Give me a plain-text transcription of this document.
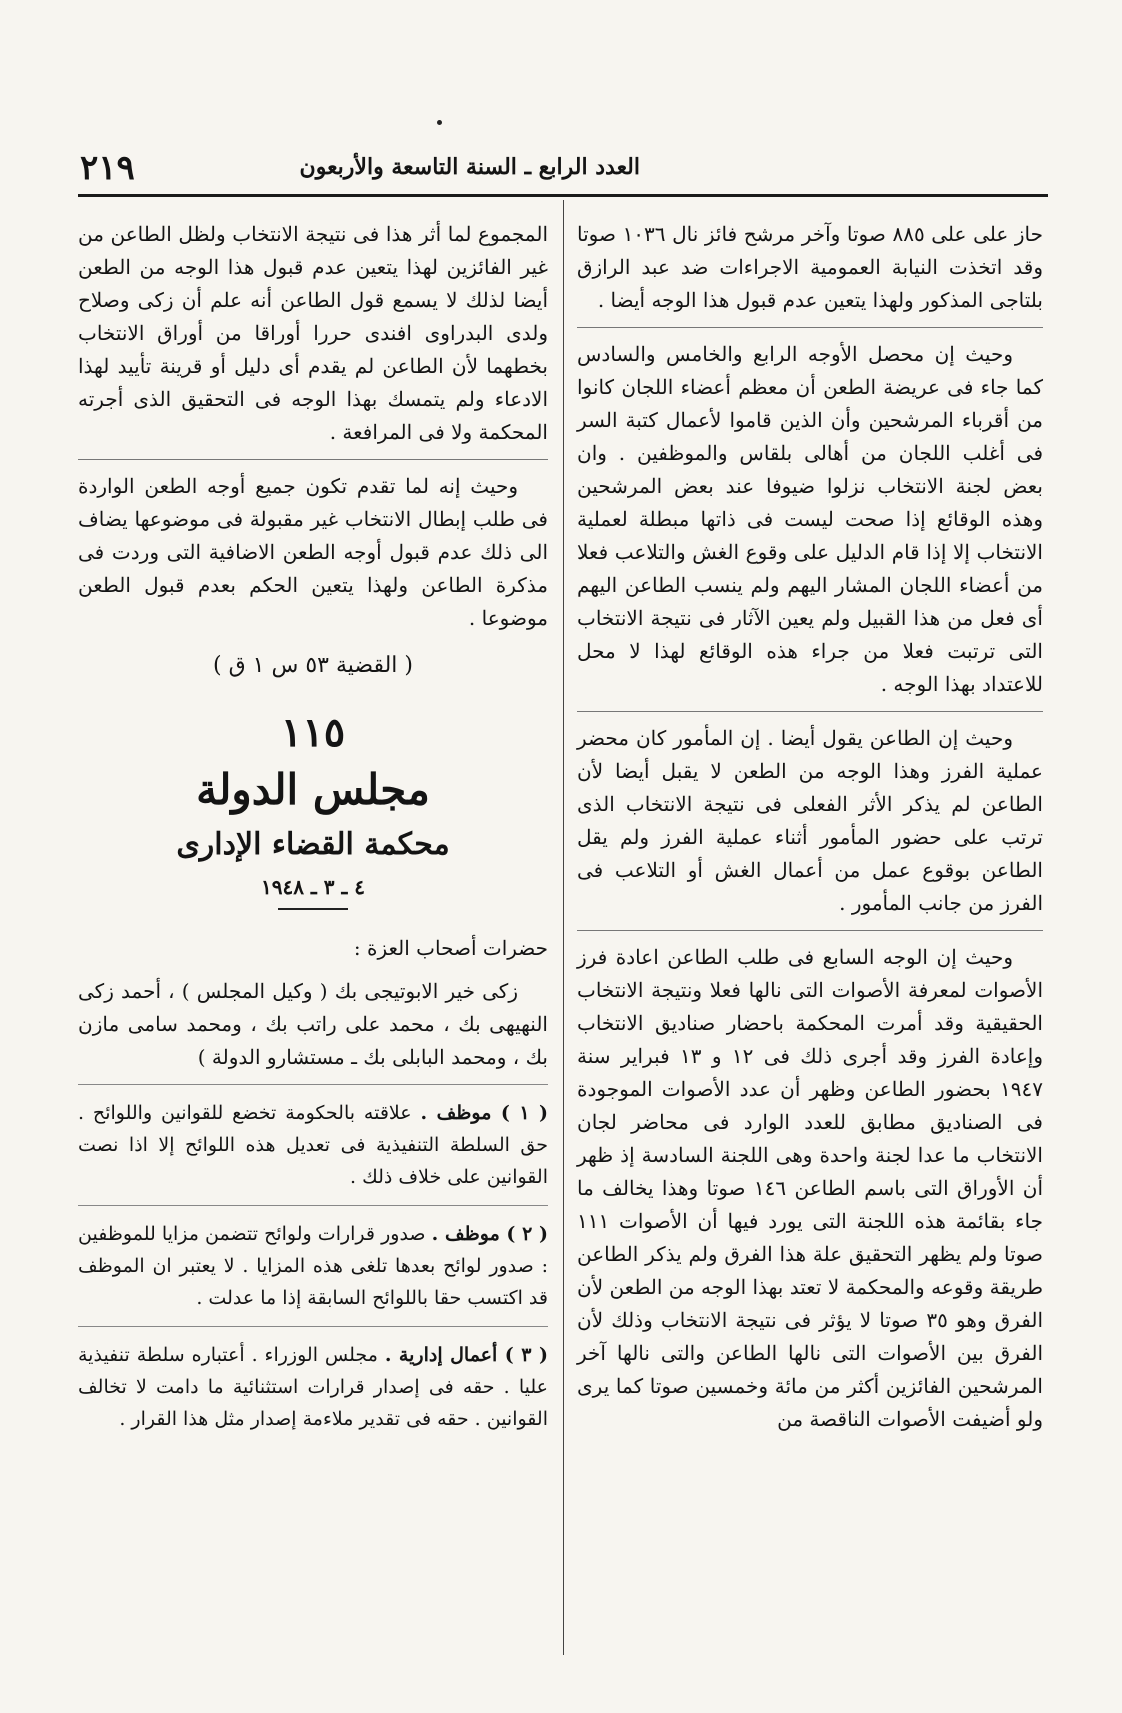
العدد الرابع ـ السنة التاسعة والأربعون
٢١٩

حاز على على ٨٨٥ صوتا وآخر مرشح فائز نال ١٠٣٦ صوتا وقد اتخذت النيابة العمومية الاجراءات ضد عبد الرازق بلتاجى المذكور ولهذا يتعين عدم قبول هذا الوجه أيضا .

وحيث إن محصل الأوجه الرابع والخامس والسادس كما جاء فى عريضة الطعن أن معظم أعضاء اللجان كانوا من أقرباء المرشحين وأن الذين قاموا لأعمال كتبة السر فى أغلب اللجان من أهالى بلقاس والموظفين . وان بعض لجنة الانتخاب نزلوا ضيوفا عند بعض المرشحين وهذه الوقائع إذا صحت ليست فى ذاتها مبطلة لعملية الانتخاب إلا إذا قام الدليل على وقوع الغش والتلاعب فعلا من أعضاء اللجان المشار اليهم ولم ينسب الطاعن اليهم أى فعل من هذا القبيل ولم يعين الآثار فى نتيجة الانتخاب التى ترتبت فعلا من جراء هذه الوقائع لهذا لا محل للاعتداد بهذا الوجه .

وحيث إن الطاعن يقول أيضا . إن المأمور كان محضر عملية الفرز وهذا الوجه من الطعن لا يقبل أيضا لأن الطاعن لم يذكر الأثر الفعلى فى نتيجة الانتخاب الذى ترتب على حضور المأمور أثناء عملية الفرز ولم يقل الطاعن بوقوع عمل من أعمال الغش أو التلاعب فى الفرز من جانب المأمور .

وحيث إن الوجه السابع فى طلب الطاعن اعادة فرز الأصوات لمعرفة الأصوات التى نالها فعلا ونتيجة الانتخاب الحقيقية وقد أمرت المحكمة باحضار صناديق الانتخاب وإعادة الفرز وقد أجرى ذلك فى ١٢ و ١٣ فبراير سنة ١٩٤٧ بحضور الطاعن وظهر أن عدد الأصوات الموجودة فى الصناديق مطابق للعدد الوارد فى محاضر لجان الانتخاب ما عدا لجنة واحدة وهى اللجنة السادسة إذ ظهر أن الأوراق التى باسم الطاعن ١٤٦ صوتا وهذا يخالف ما جاء بقائمة هذه اللجنة التى يورد فيها أن الأصوات ١١١ صوتا ولم يظهر التحقيق علة هذا الفرق ولم يذكر الطاعن طريقة وقوعه والمحكمة لا تعتد بهذا الوجه من الطعن لأن الفرق وهو ٣٥ صوتا لا يؤثر فى نتيجة الانتخاب وذلك لأن الفرق بين الأصوات التى نالها الطاعن والتى نالها آخر المرشحين الفائزين أكثر من مائة وخمسين صوتا كما يرى ولو أضيفت الأصوات الناقصة من

المجموع لما أثر هذا فى نتيجة الانتخاب ولظل الطاعن من غير الفائزين لهذا يتعين عدم قبول هذا الوجه من الطعن أيضا لذلك لا يسمع قول الطاعن أنه علم أن زكى وصلاح ولدى البدراوى افندى حررا أوراقا من أوراق الانتخاب بخطهما لأن الطاعن لم يقدم أى دليل أو قرينة تأييد لهذا الادعاء ولم يتمسك بهذا الوجه فى التحقيق الذى أجرته المحكمة ولا فى المرافعة .

وحيث إنه لما تقدم تكون جميع أوجه الطعن الواردة فى طلب إبطال الانتخاب غير مقبولة فى موضوعها يضاف الى ذلك عدم قبول أوجه الطعن الاضافية التى وردت فى مذكرة الطاعن ولهذا يتعين الحكم بعدم قبول الطعن موضوعا .

( القضية ٥٣ س ١ ق )
١١٥
مجلس الدولة
محكمة القضاء الإدارى
٤ ـ ٣ ـ ١٩٤٨

حضرات أصحاب العزة :

زكى خير الابوتيجى بك ( وكيل المجلس ) ، أحمد زكى النهيهى بك ، محمد على راتب بك ، ومحمد سامى مازن بك ، ومحمد البابلى بك ـ مستشارو الدولة )

( ١ ) موظف . علاقته بالحكومة تخضع للقوانين واللوائح . حق السلطة التنفيذية فى تعديل هذه اللوائح إلا اذا نصت القوانين على خلاف ذلك .

( ٢ ) موظف . صدور قرارات ولوائح تتضمن مزايا للموظفين : صدور لوائح بعدها تلغى هذه المزايا . لا يعتبر ان الموظف قد اكتسب حقا باللوائح السابقة إذا ما عدلت .

( ٣ ) أعمال إدارية . مجلس الوزراء . أعتباره سلطة تنفيذية عليا . حقه فى إصدار قرارات استثنائية ما دامت لا تخالف القوانين . حقه فى تقدير ملاءمة إصدار مثل هذا القرار .
